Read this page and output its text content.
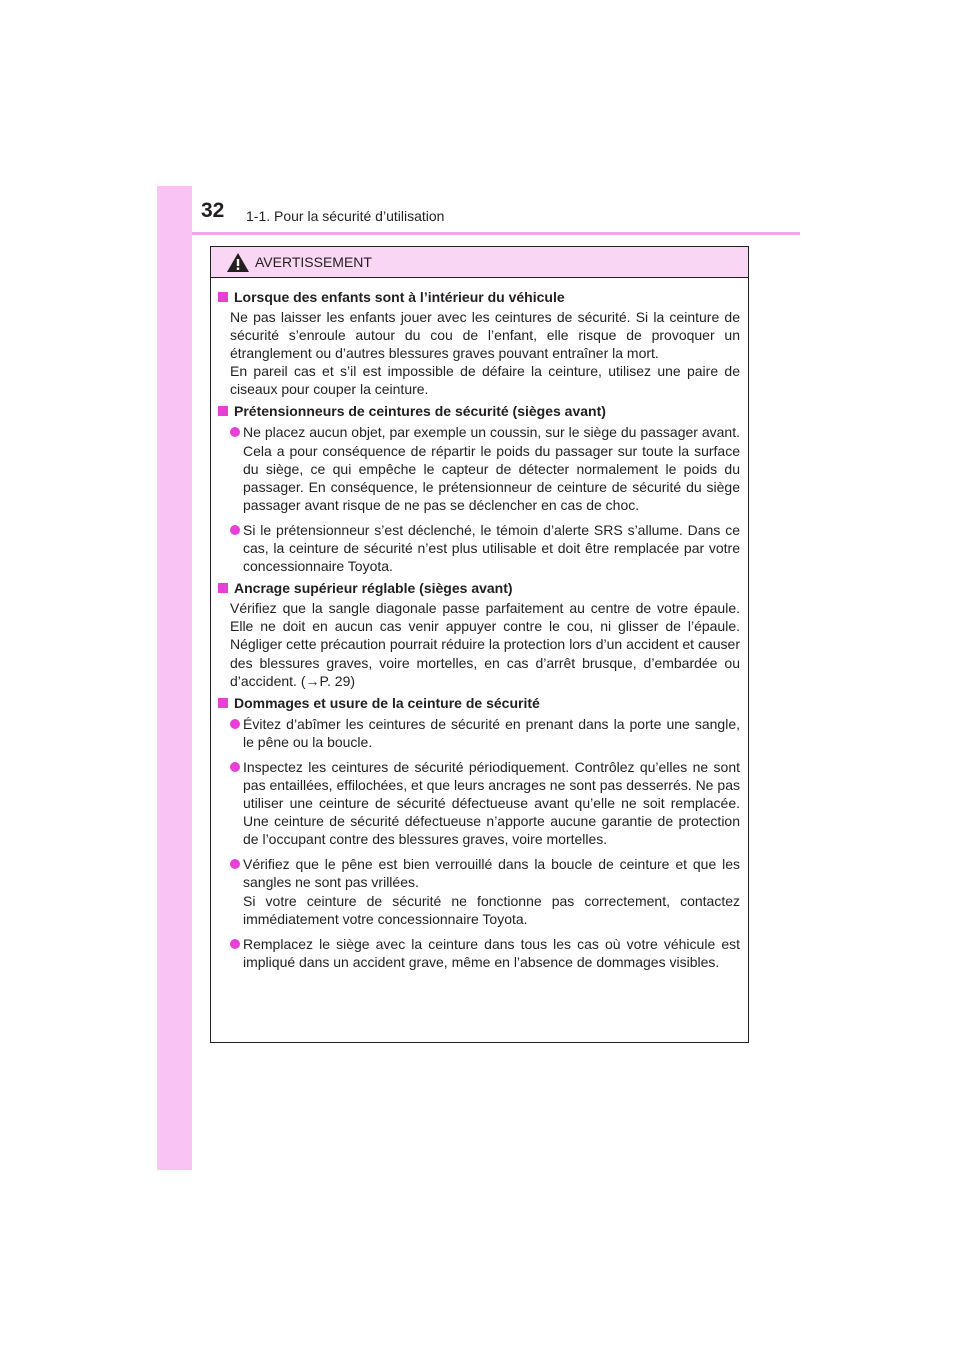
32 1-1. Pour la sécurité d’utilisation
AVERTISSEMENT
Lorsque des enfants sont à l’intérieur du véhicule

Ne pas laisser les enfants jouer avec les ceintures de sécurité. Si la ceinture de sécurité s’enroule autour du cou de l’enfant, elle risque de provoquer un étranglement ou d’autres blessures graves pouvant entraîner la mort.

En pareil cas et s’il est impossible de défaire la ceinture, utilisez une paire de ciseaux pour couper la ceinture.

Prétensionneurs de ceintures de sécurité (sièges avant)

Ne placez aucun objet, par exemple un coussin, sur le siège du passager avant. Cela a pour conséquence de répartir le poids du passager sur toute la surface du siège, ce qui empêche le capteur de détecter normalement le poids du passager. En conséquence, le prétensionneur de ceinture de sécurité du siège passager avant risque de ne pas se déclencher en cas de choc.

Si le prétensionneur s’est déclenché, le témoin d’alerte SRS s’allume. Dans ce cas, la ceinture de sécurité n’est plus utilisable et doit être remplacée par votre concessionnaire Toyota.

Ancrage supérieur réglable (sièges avant)

Vérifiez que la sangle diagonale passe parfaitement au centre de votre épaule. Elle ne doit en aucun cas venir appuyer contre le cou, ni glisser de l’épaule. Négliger cette précaution pourrait réduire la protection lors d’un accident et causer des blessures graves, voire mortelles, en cas d’arrêt brusque, d’embardée ou d’accident. (→P. 29)

Dommages et usure de la ceinture de sécurité

Évitez d’abîmer les ceintures de sécurité en prenant dans la porte une sangle, le pêne ou la boucle.

Inspectez les ceintures de sécurité périodiquement. Contrôlez qu’elles ne sont pas entaillées, effilochées, et que leurs ancrages ne sont pas desserrés. Ne pas utiliser une ceinture de sécurité défectueuse avant qu’elle ne soit remplacée. Une ceinture de sécurité défectueuse n’apporte aucune garantie de protection de l’occupant contre des blessures graves, voire mortelles.

Vérifiez que le pêne est bien verrouillé dans la boucle de ceinture et que les sangles ne sont pas vrillées.

Si votre ceinture de sécurité ne fonctionne pas correctement, contactez immédiatement votre concessionnaire Toyota.

Remplacez le siège avec la ceinture dans tous les cas où votre véhicule est impliqué dans un accident grave, même en l’absence de dommages visibles.
